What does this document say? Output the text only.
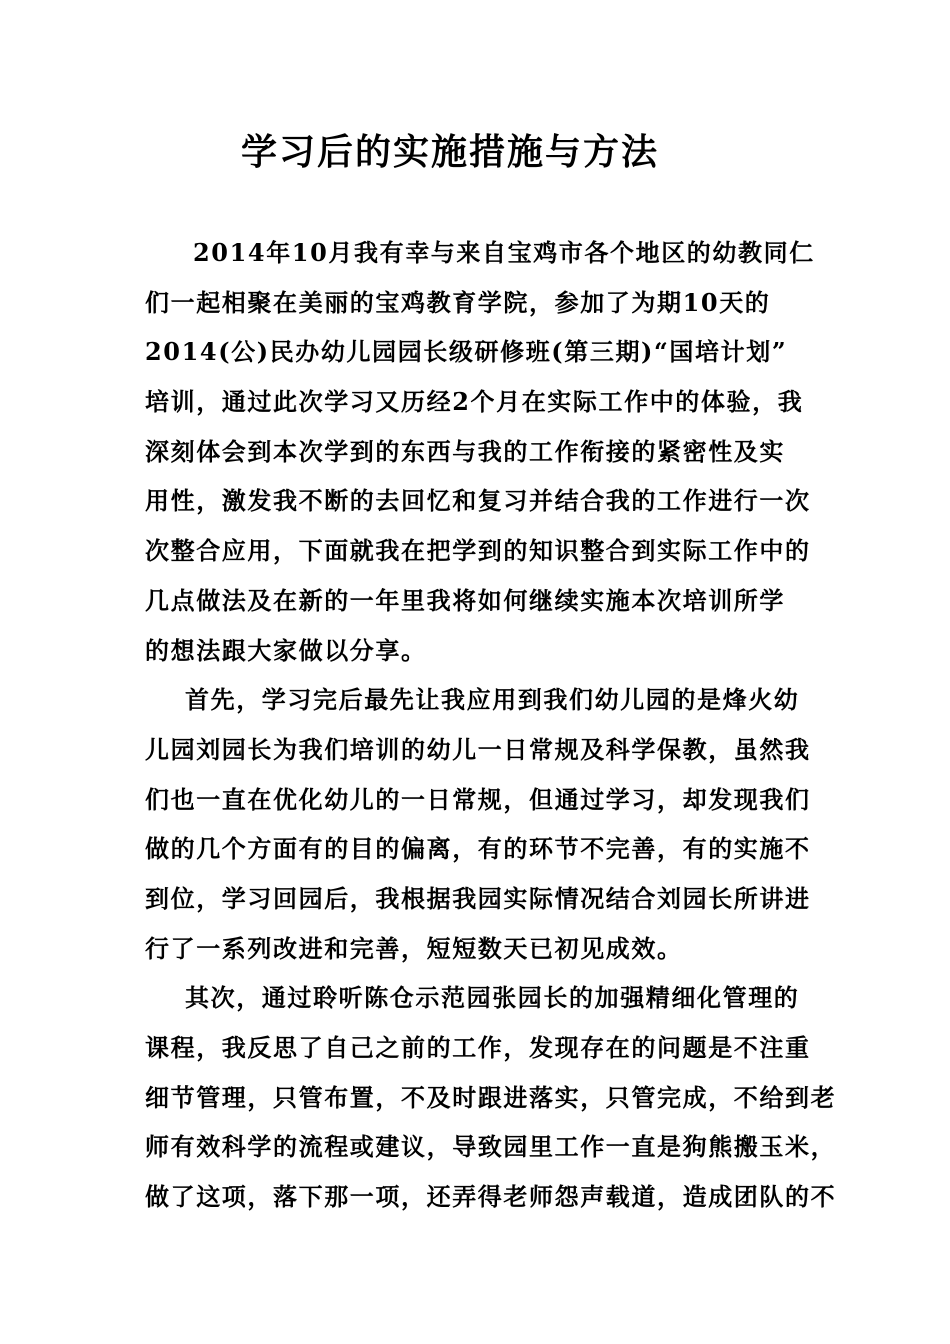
学习后的实施措施与方法
2014年10月我有幸与来自宝鸡市各个地区的幼教同仁
们一起相聚在美丽的宝鸡教育学院，参加了为期10天的
2014(公)民办幼儿园园长级研修班(第三期)“国培计划”
培训，通过此次学习又历经2个月在实际工作中的体验，我
深刻体会到本次学到的东西与我的工作衔接的紧密性及实
用性，激发我不断的去回忆和复习并结合我的工作进行一次
次整合应用，下面就我在把学到的知识整合到实际工作中的
几点做法及在新的一年里我将如何继续实施本次培训所学
的想法跟大家做以分享。
首先，学习完后最先让我应用到我们幼儿园的是烽火幼
儿园刘园长为我们培训的幼儿一日常规及科学保教，虽然我
们也一直在优化幼儿的一日常规，但通过学习，却发现我们
做的几个方面有的目的偏离，有的环节不完善，有的实施不
到位，学习回园后，我根据我园实际情况结合刘园长所讲进
行了一系列改进和完善，短短数天已初见成效。
其次，通过聆听陈仓示范园张园长的加强精细化管理的
课程，我反思了自己之前的工作，发现存在的问题是不注重
细节管理，只管布置，不及时跟进落实，只管完成，不给到老
师有效科学的流程或建议，导致园里工作一直是狗熊搬玉米，
做了这项，落下那一项，还弄得老师怨声载道，造成团队的不
